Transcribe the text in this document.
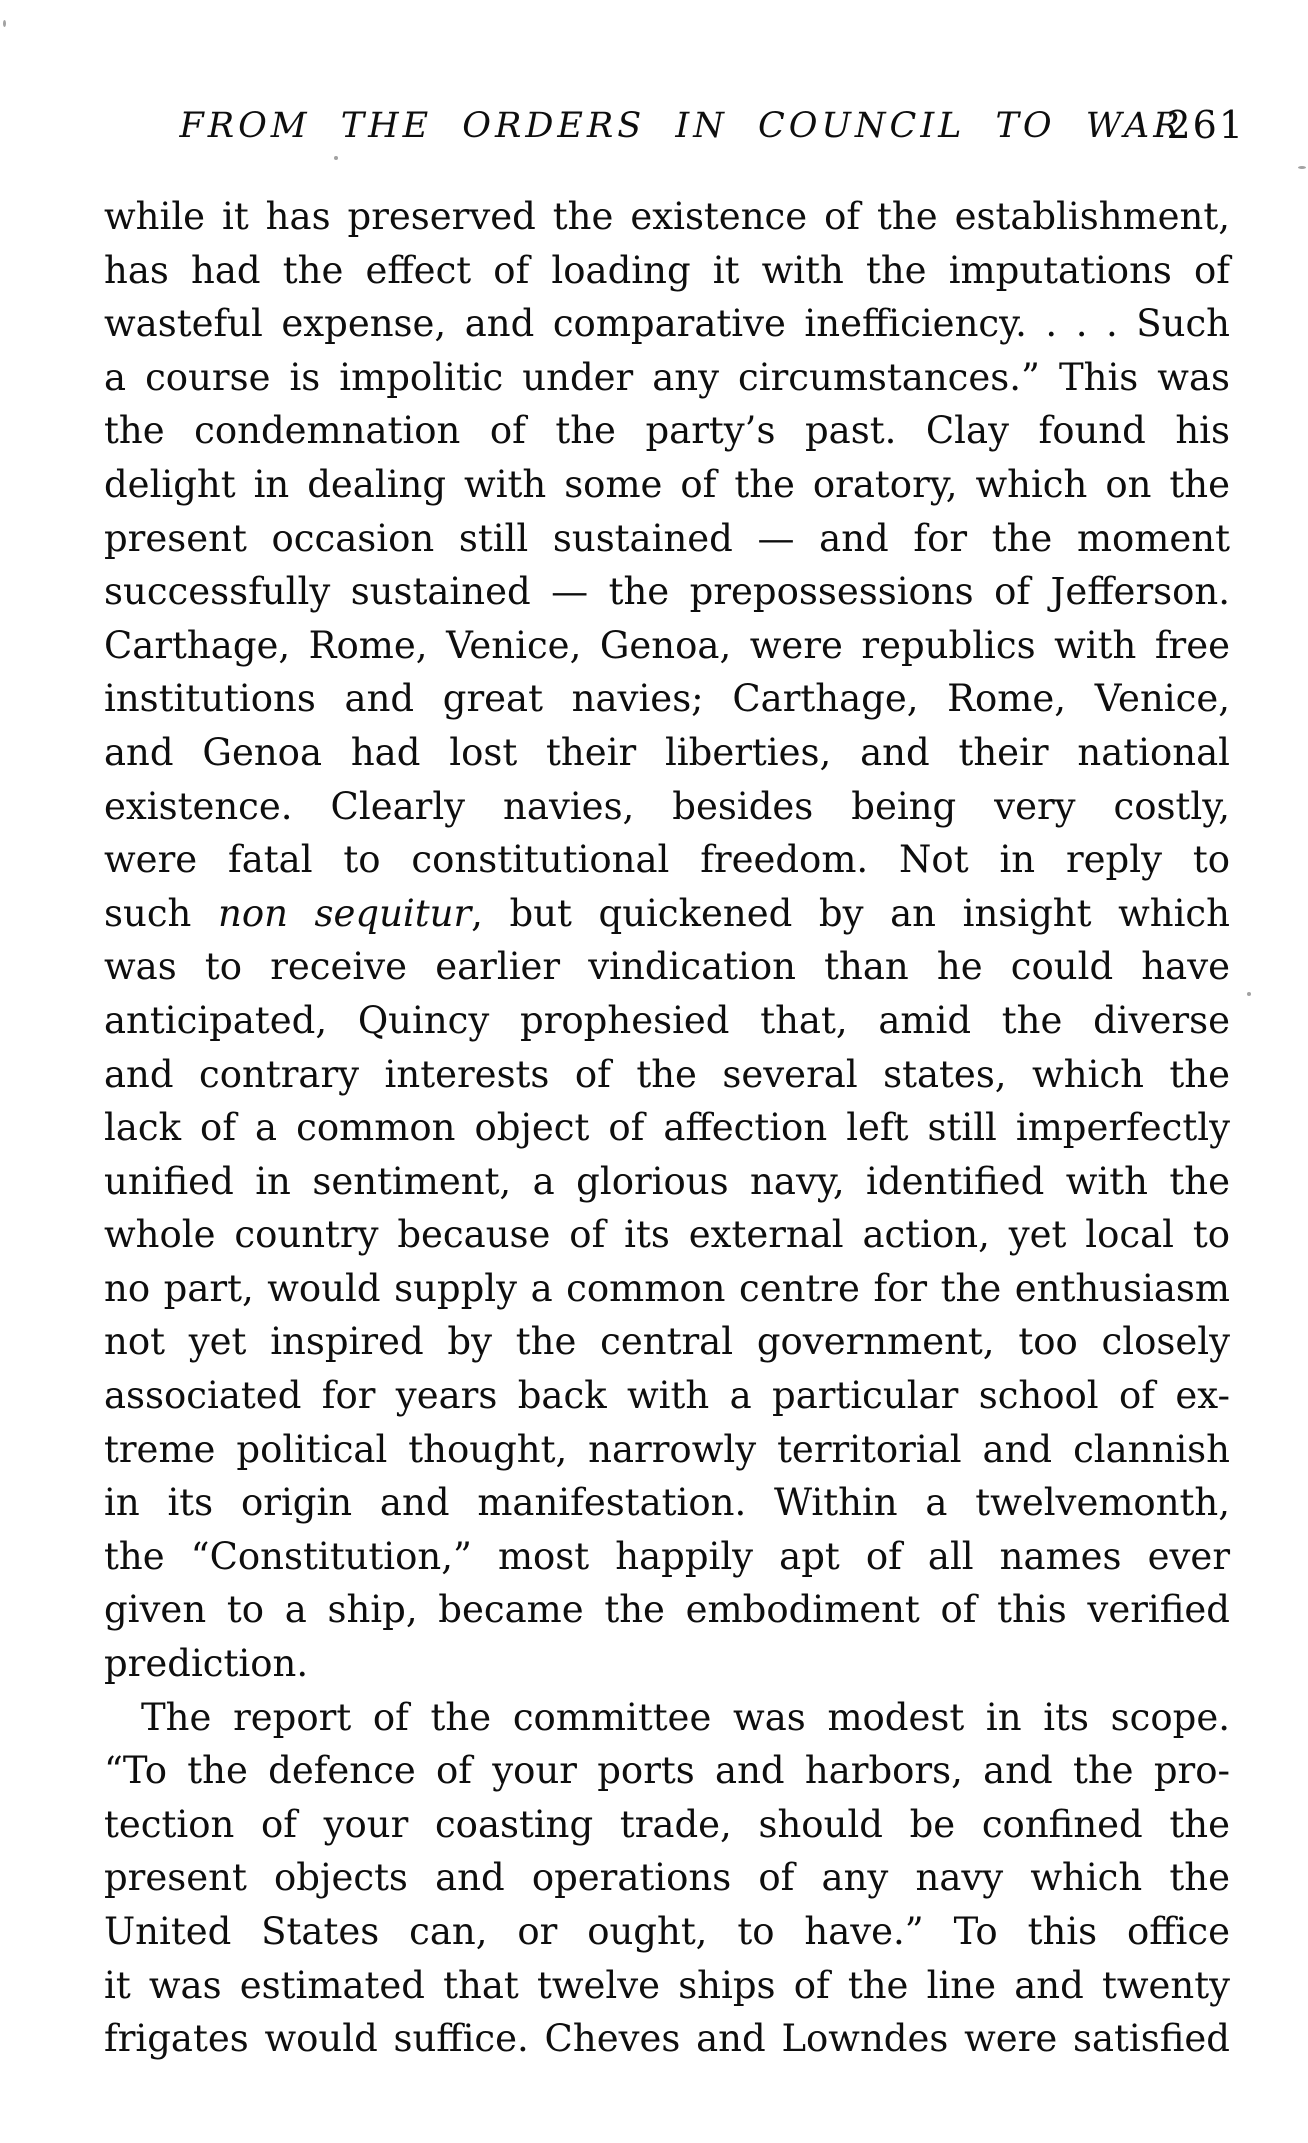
FROM THE ORDERS IN COUNCIL TO WAR
261
while it has preserved the existence of the establishment,
has had the effect of loading it with the imputations of
wasteful expense, and comparative inefficiency. . . . Such
a course is impolitic under any circumstances.” This was
the condemnation of the party’s past. Clay found his
delight in dealing with some of the oratory, which on the
present occasion still sustained — and for the moment
successfully sustained — the prepossessions of Jefferson.
Carthage, Rome, Venice, Genoa, were republics with free
institutions and great navies; Carthage, Rome, Venice,
and Genoa had lost their liberties, and their national
existence. Clearly navies, besides being very costly,
were fatal to constitutional freedom. Not in reply to
such non sequitur, but quickened by an insight which
was to receive earlier vindication than he could have
anticipated, Quincy prophesied that, amid the diverse
and contrary interests of the several states, which the
lack of a common object of affection left still imperfectly
unified in sentiment, a glorious navy, identified with the
whole country because of its external action, yet local to
no part, would supply a common centre for the enthusiasm
not yet inspired by the central government, too closely
associated for years back with a particular school of ex-
treme political thought, narrowly territorial and clannish
in its origin and manifestation. Within a twelvemonth,
the “Constitution,” most happily apt of all names ever
given to a ship, became the embodiment of this verified
prediction.
The report of the committee was modest in its scope.
“To the defence of your ports and harbors, and the pro-
tection of your coasting trade, should be confined the
present objects and operations of any navy which the
United States can, or ought, to have.” To this office
it was estimated that twelve ships of the line and twenty
frigates would suffice. Cheves and Lowndes were satisfied
